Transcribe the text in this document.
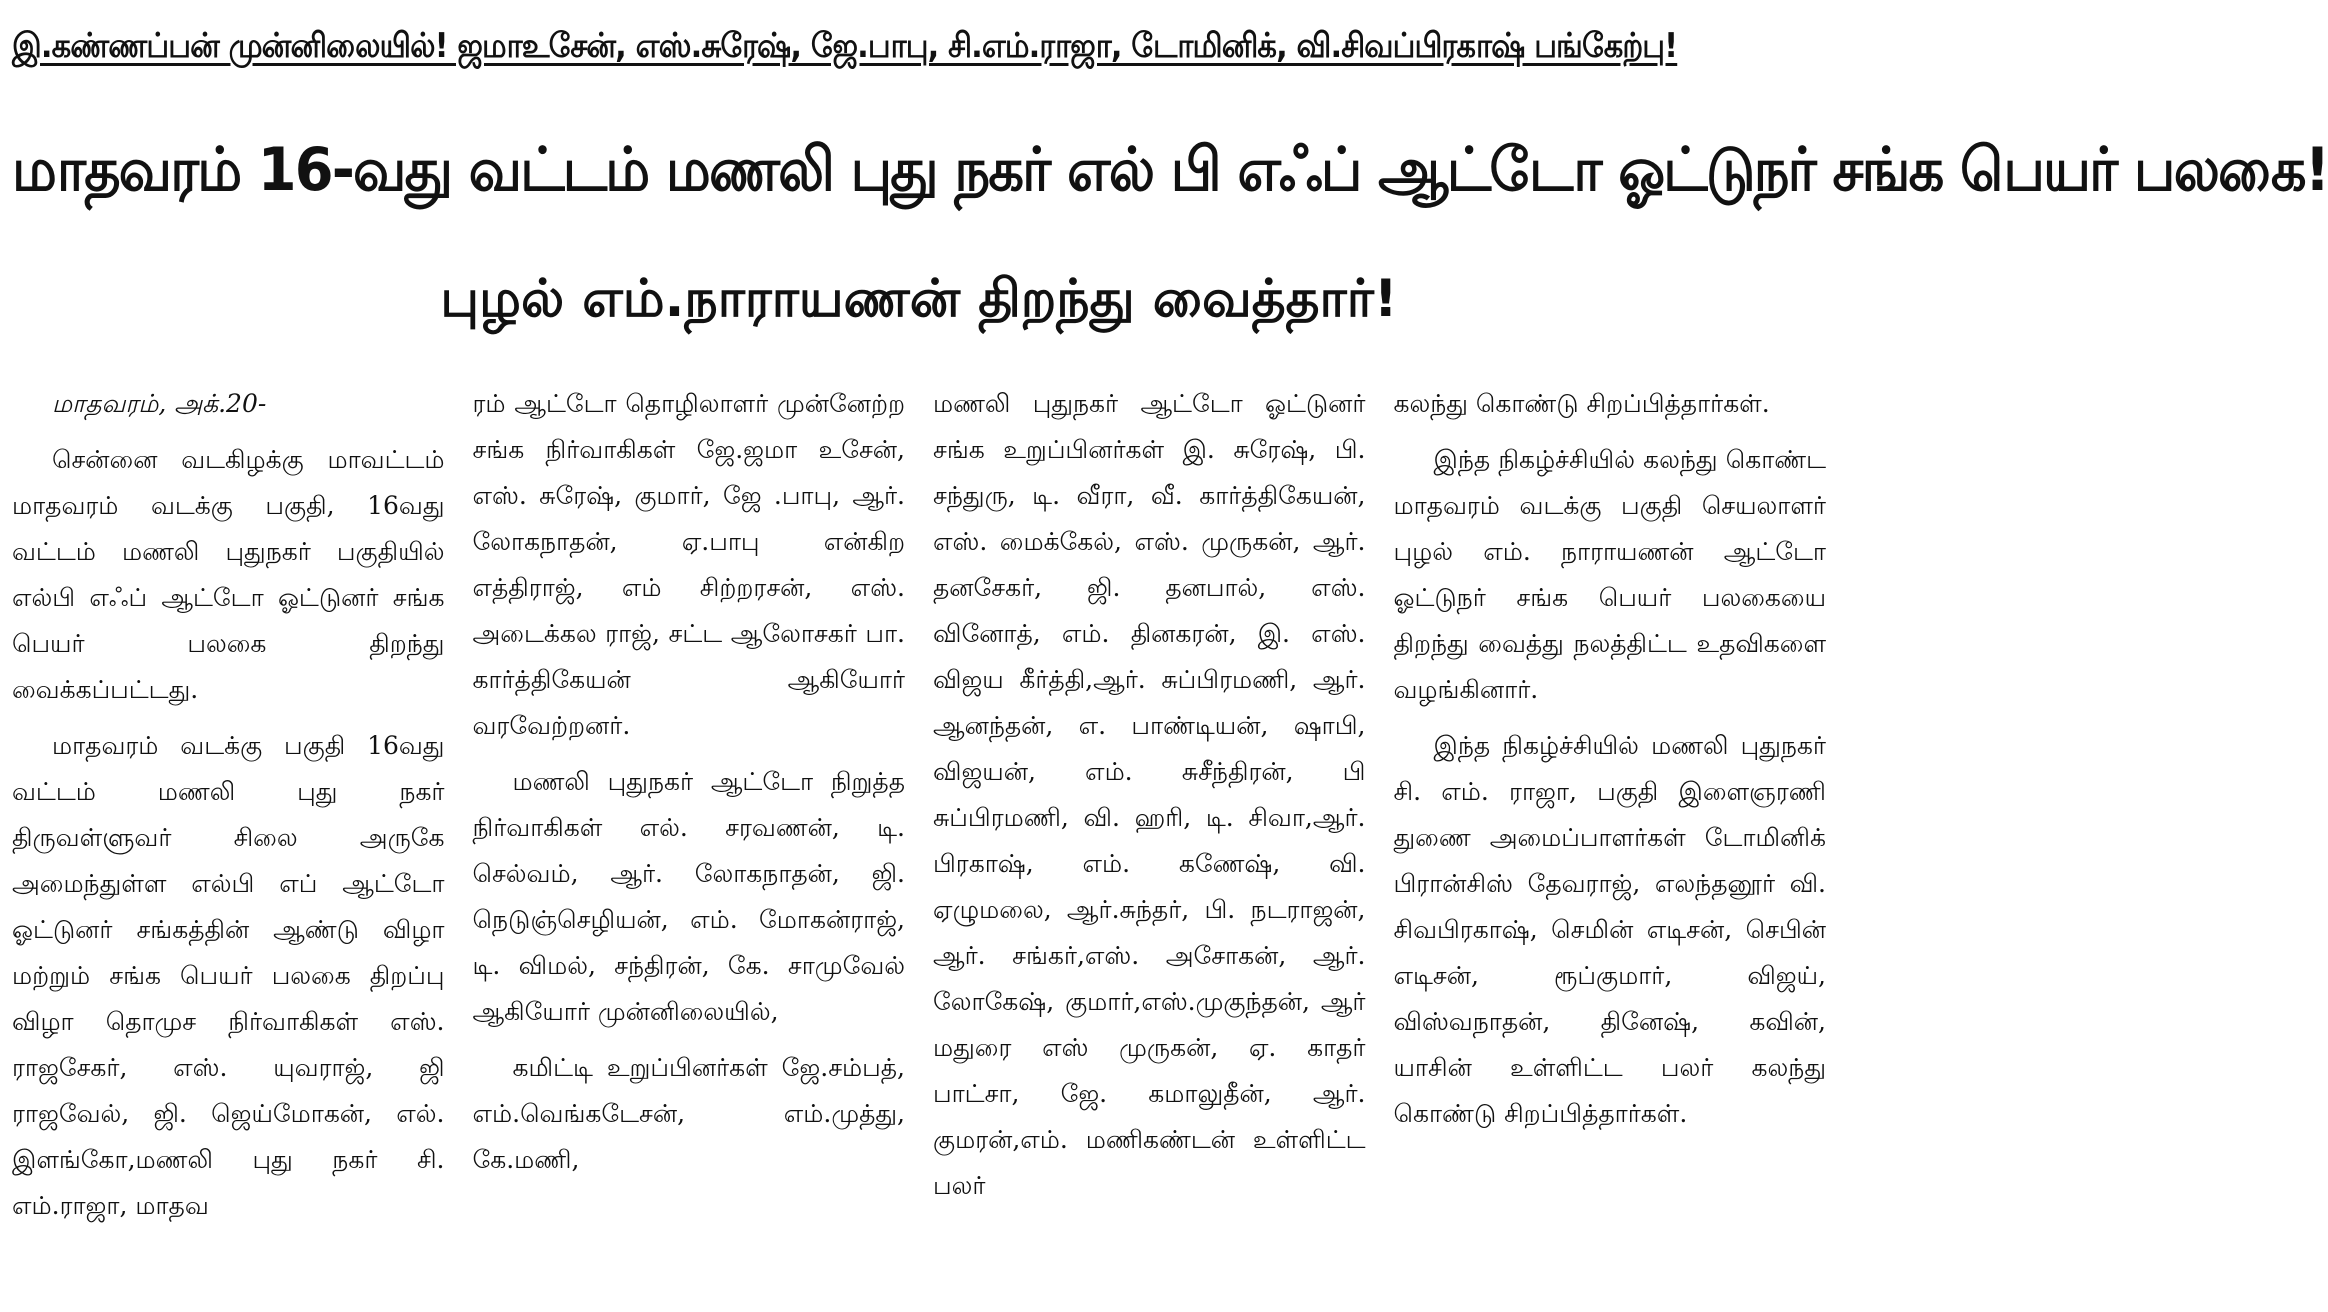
இ.கண்ணப்பன் முன்னிலையில்! ஜமாஉசேன், எஸ்.சுரேஷ், ஜே.பாபு, சி.எம்.ராஜா, டோமினிக், வி.சிவப்பிரகாஷ் பங்கேற்பு!
மாதவரம் 16-வது வட்டம் மணலி புது நகர் எல் பி எஃப் ஆட்டோ ஓட்டுநர் சங்க பெயர் பலகை!
புழல் எம்.நாராயணன் திறந்து வைத்தார்!

மாதவரம், அக்.20-

சென்னை வடகிழக்கு மாவட்டம் மாதவரம் வடக்கு பகுதி, 16வது வட்டம் மணலி புதுநகர் பகுதியில் எல்பி எஃப் ஆட்டோ ஓட்டுனர் சங்க பெயர் பலகை திறந்து வைக்கப்பட்டது.

மாதவரம் வடக்கு பகுதி 16வது வட்டம் மணலி புது நகர் திருவள்ளுவர் சிலை அருகே அமைந்துள்ள எல்பி எப் ஆட்டோ ஓட்டுனர் சங்கத்தின் ஆண்டு விழா மற்றும் சங்க பெயர் பலகை திறப்பு விழா தொமுச நிர்வாகிகள் எஸ். ராஜசேகர், எஸ். யுவராஜ், ஜி ராஜவேல், ஜி. ஜெய்மோகன், எல். இளங்கோ,மணலி புது நகர் சி. எம்.ராஜா, மாதவ

ரம் ஆட்டோ தொழிலாளர் முன்னேற்ற சங்க நிர்வாகிகள் ஜே.ஜமா உசேன், எஸ். சுரேஷ், குமார், ஜே .பாபு, ஆர். லோகநாதன், ஏ.பாபு என்கிற எத்திராஜ், எம் சிற்றரசன், எஸ். அடைக்கல ராஜ், சட்ட ஆலோசகர் பா. கார்த்திகேயன் ஆகியோர் வரவேற்றனர்.

மணலி புதுநகர் ஆட்டோ நிறுத்த நிர்வாகிகள் எல். சரவணன், டி. செல்வம், ஆர். லோகநாதன், ஜி. நெடுஞ்செழியன், எம். மோகன்ராஜ், டி. விமல், சந்திரன், கே. சாமுவேல் ஆகியோர் முன்னிலையில்,

கமிட்டி உறுப்பினர்கள் ஜே.சம்பத், எம்.வெங்கடேசன், எம்.முத்து, கே.மணி,

மணலி புதுநகர் ஆட்டோ ஓட்டுனர் சங்க உறுப்பினர்கள் இ. சுரேஷ், பி. சந்துரு, டி. வீரா, வீ. கார்த்திகேயன், எஸ். மைக்கேல், எஸ். முருகன், ஆர். தனசேகர், ஜி. தனபால், எஸ். வினோத், எம். தினகரன், இ. எஸ். விஜய கீர்த்தி,ஆர். சுப்பிரமணி, ஆர். ஆனந்தன், எ. பாண்டியன், ஷாபி, விஜயன், எம். சுசீந்திரன், பி சுப்பிரமணி, வி. ஹரி, டி. சிவா,ஆர். பிரகாஷ், எம். கணேஷ், வி. ஏழுமலை, ஆர்.சுந்தர், பி. நடராஜன், ஆர். சங்கர்,எஸ். அசோகன், ஆர். லோகேஷ், குமார்,எஸ்.முகுந்தன், ஆர் மதுரை எஸ் முருகன், ஏ. காதர் பாட்சா, ஜே. கமாலுதீன், ஆர். குமரன்,எம். மணிகண்டன் உள்ளிட்ட பலர்

கலந்து கொண்டு சிறப்பித்தார்கள்.

இந்த நிகழ்ச்சியில் கலந்து கொண்ட மாதவரம் வடக்கு பகுதி செயலாளர் புழல் எம். நாராயணன் ஆட்டோ ஓட்டுநர் சங்க பெயர் பலகையை திறந்து வைத்து நலத்திட்ட உதவிகளை வழங்கினார்.

இந்த நிகழ்ச்சியில் மணலி புதுநகர் சி. எம். ராஜா, பகுதி இளைஞரணி துணை அமைப்பாளர்கள் டோமினிக் பிரான்சிஸ் தேவராஜ், எலந்தனூர் வி. சிவபிரகாஷ், செமின் எடிசன், செபின் எடிசன், ரூப்குமார், விஜய், விஸ்வநாதன், தினேஷ், கவின், யாசின் உள்ளிட்ட பலர் கலந்து கொண்டு சிறப்பித்தார்கள்.
